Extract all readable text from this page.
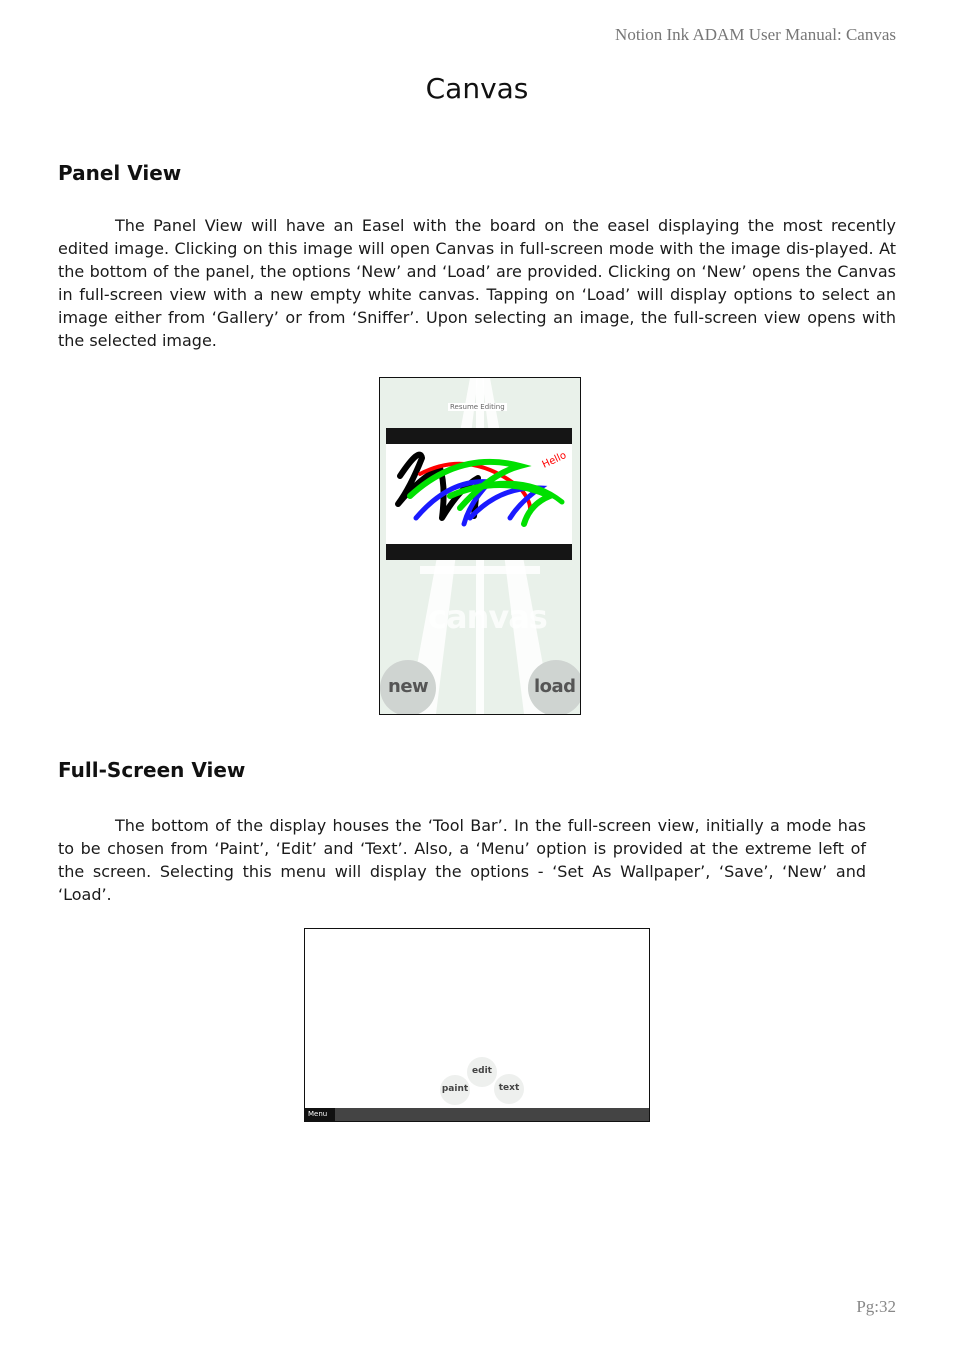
Notion Ink ADAM User Manual: Canvas
Canvas
Panel View

The Panel View will have an Easel with the board on the easel displaying the most recently edited image. Clicking on this image will open Canvas in full-screen mode with the image dis-played. At the bottom of the panel, the options ‘New’ and ‘Load’ are provided. Clicking on ‘New’ opens the Canvas in full-screen view with a new empty white canvas. Tapping on ‘Load’ will display options to select an image either from ‘Gallery’ or from ‘Sniffer’. Upon selecting an image, the full-screen view opens with the selected image.

Hello
Resume Editing
canvas
new	load
Full-Screen View

The bottom of the display houses the ‘Tool Bar’. In the full-screen view, initially a mode has to be chosen from ‘Paint’, ‘Edit’ and ‘Text’. Also, a ‘Menu’ option is provided at the extreme left of the screen. Selecting this menu will display the options - ‘Set As Wallpaper’, ‘Save’, ‘New’ and ‘Load’.

edit
paint	text
Menu
Pg:32
